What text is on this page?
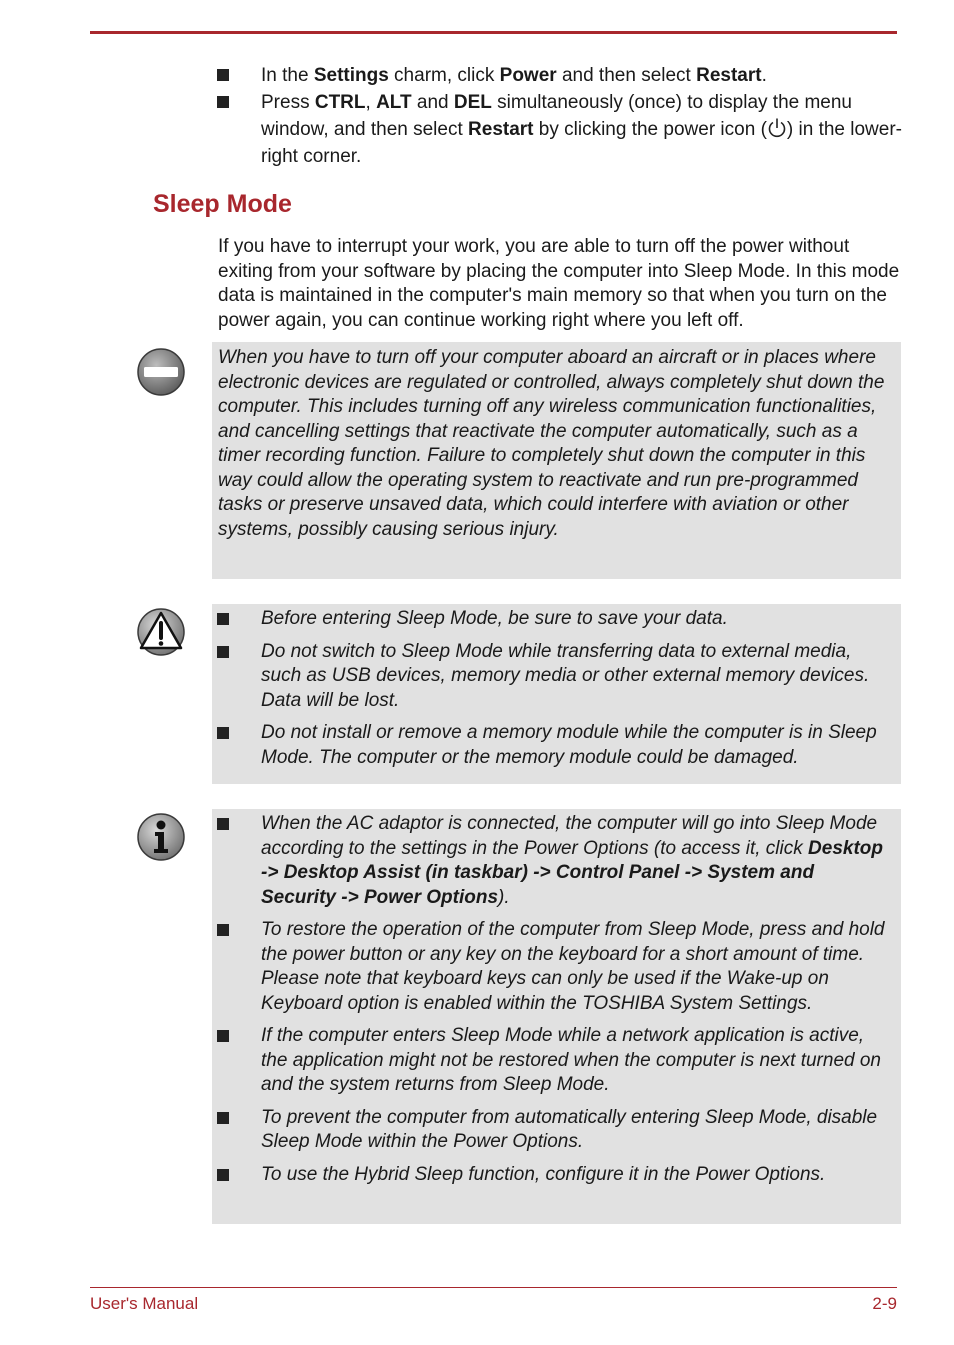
In the Settings charm, click Power and then select Restart.
Press CTRL, ALT and DEL simultaneously (once) to display the menu window, and then select Restart by clicking the power icon ( ) in the lower-right corner.
Sleep Mode

If you have to interrupt your work, you are able to turn off the power without exiting from your software by placing the computer into Sleep Mode. In this mode data is maintained in the computer's main memory so that when you turn on the power again, you can continue working right where you left off.

When you have to turn off your computer aboard an aircraft or in places where electronic devices are regulated or controlled, always completely shut down the computer. This includes turning off any wireless communication functionalities, and cancelling settings that reactivate the computer automatically, such as a timer recording function. Failure to completely shut down the computer in this way could allow the operating system to reactivate and run pre-programmed tasks or preserve unsaved data, which could interfere with aviation or other systems, possibly causing serious injury.

Before entering Sleep Mode, be sure to save your data.
Do not switch to Sleep Mode while transferring data to external media, such as USB devices, memory media or other external memory devices. Data will be lost.
Do not install or remove a memory module while the computer is in Sleep Mode. The computer or the memory module could be damaged.
When the AC adaptor is connected, the computer will go into Sleep Mode according to the settings in the Power Options (to access it, click Desktop -> Desktop Assist (in taskbar) -> Control Panel -> System and Security -> Power Options).
To restore the operation of the computer from Sleep Mode, press and hold the power button or any key on the keyboard for a short amount of time. Please note that keyboard keys can only be used if the Wake-up on Keyboard option is enabled within the TOSHIBA System Settings.
If the computer enters Sleep Mode while a network application is active, the application might not be restored when the computer is next turned on and the system returns from Sleep Mode.
To prevent the computer from automatically entering Sleep Mode, disable Sleep Mode within the Power Options.
To use the Hybrid Sleep function, configure it in the Power Options.
User's Manual	2-9
